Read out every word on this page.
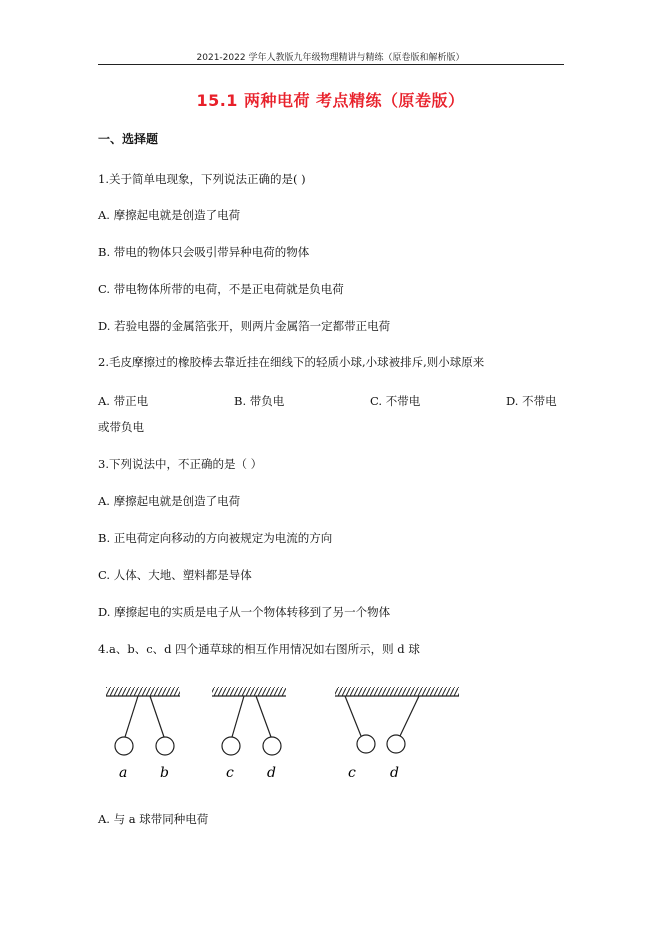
2021-2022 学年人教版九年级物理精讲与精练（原卷版和解析版）
15.1 两种电荷 考点精练（原卷版）
一、选择题
1.关于简单电现象，下列说法正确的是( )
A. 摩擦起电就是创造了电荷
B. 带电的物体只会吸引带异种电荷的物体
C. 带电物体所带的电荷，不是正电荷就是负电荷
D. 若验电器的金属箔张开，则两片金属箔一定都带正电荷
2.毛皮摩擦过的橡胶棒去靠近挂在细线下的轻质小球,小球被排斥,则小球原来
A. 带正电	B. 带负电	C. 不带电	D. 不带电
或带负电
3.下列说法中，不正确的是（ ）
A. 摩擦起电就是创造了电荷
B. 正电荷定向移动的方向被规定为电流的方向
C. 人体、大地、塑料都是导体
D. 摩擦起电的实质是电子从一个物体转移到了另一个物体
4.a、b、c、d 四个通草球的相互作用情况如右图所示，则 d 球
a b	c d	c d
A. 与 a 球带同种电荷
